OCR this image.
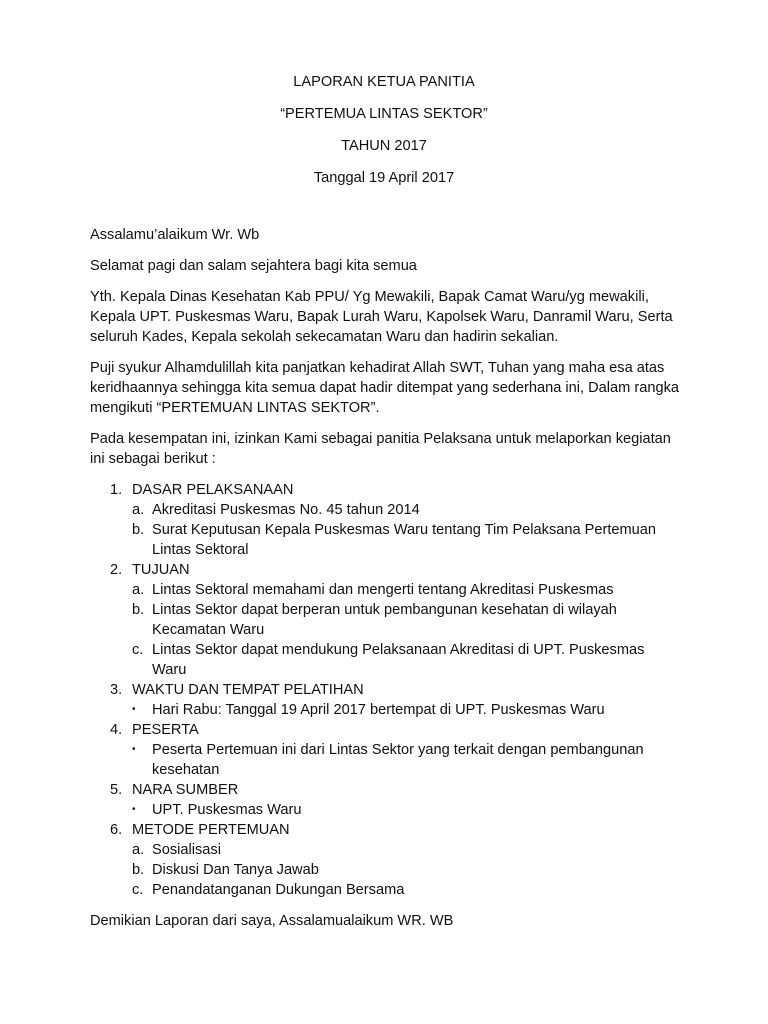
LAPORAN KETUA PANITIA
“PERTEMUA LINTAS SEKTOR”
TAHUN 2017
Tanggal 19 April 2017

Assalamu’alaikum Wr. Wb

Selamat pagi dan salam sejahtera bagi kita semua

Yth. Kepala Dinas Kesehatan Kab PPU/ Yg Mewakili, Bapak Camat Waru/yg mewakili, Kepala UPT. Puskesmas Waru, Bapak Lurah Waru, Kapolsek Waru, Danramil Waru, Serta seluruh Kades, Kepala sekolah sekecamatan Waru dan hadirin sekalian.

Puji syukur Alhamdulillah kita panjatkan kehadirat Allah SWT, Tuhan yang maha esa atas keridhaannya sehingga kita semua dapat hadir ditempat yang sederhana ini, Dalam rangka mengikuti “PERTEMUAN LINTAS SEKTOR”.

Pada kesempatan ini, izinkan Kami sebagai panitia Pelaksana untuk melaporkan kegiatan ini sebagai berikut :

1. DASAR PELAKSANAAN
a. Akreditasi Puskesmas No. 45 tahun 2014
b. Surat Keputusan Kepala Puskesmas Waru tentang Tim Pelaksana Pertemuan Lintas Sektoral
2. TUJUAN
a. Lintas Sektoral memahami dan mengerti tentang Akreditasi Puskesmas
b. Lintas Sektor dapat berperan untuk pembangunan kesehatan di wilayah Kecamatan Waru
c. Lintas Sektor dapat mendukung Pelaksanaan Akreditasi di UPT. Puskesmas Waru
3. WAKTU DAN TEMPAT PELATIHAN
•	Hari Rabu: Tanggal 19 April 2017 bertempat di UPT. Puskesmas Waru
4. PESERTA
•	Peserta Pertemuan ini dari Lintas Sektor yang terkait dengan pembangunan kesehatan
5. NARA SUMBER
•	UPT. Puskesmas Waru
6. METODE PERTEMUAN
a. Sosialisasi
b. Diskusi Dan Tanya Jawab
c. Penandatanganan Dukungan Bersama

Demikian Laporan dari saya, Assalamualaikum WR. WB
